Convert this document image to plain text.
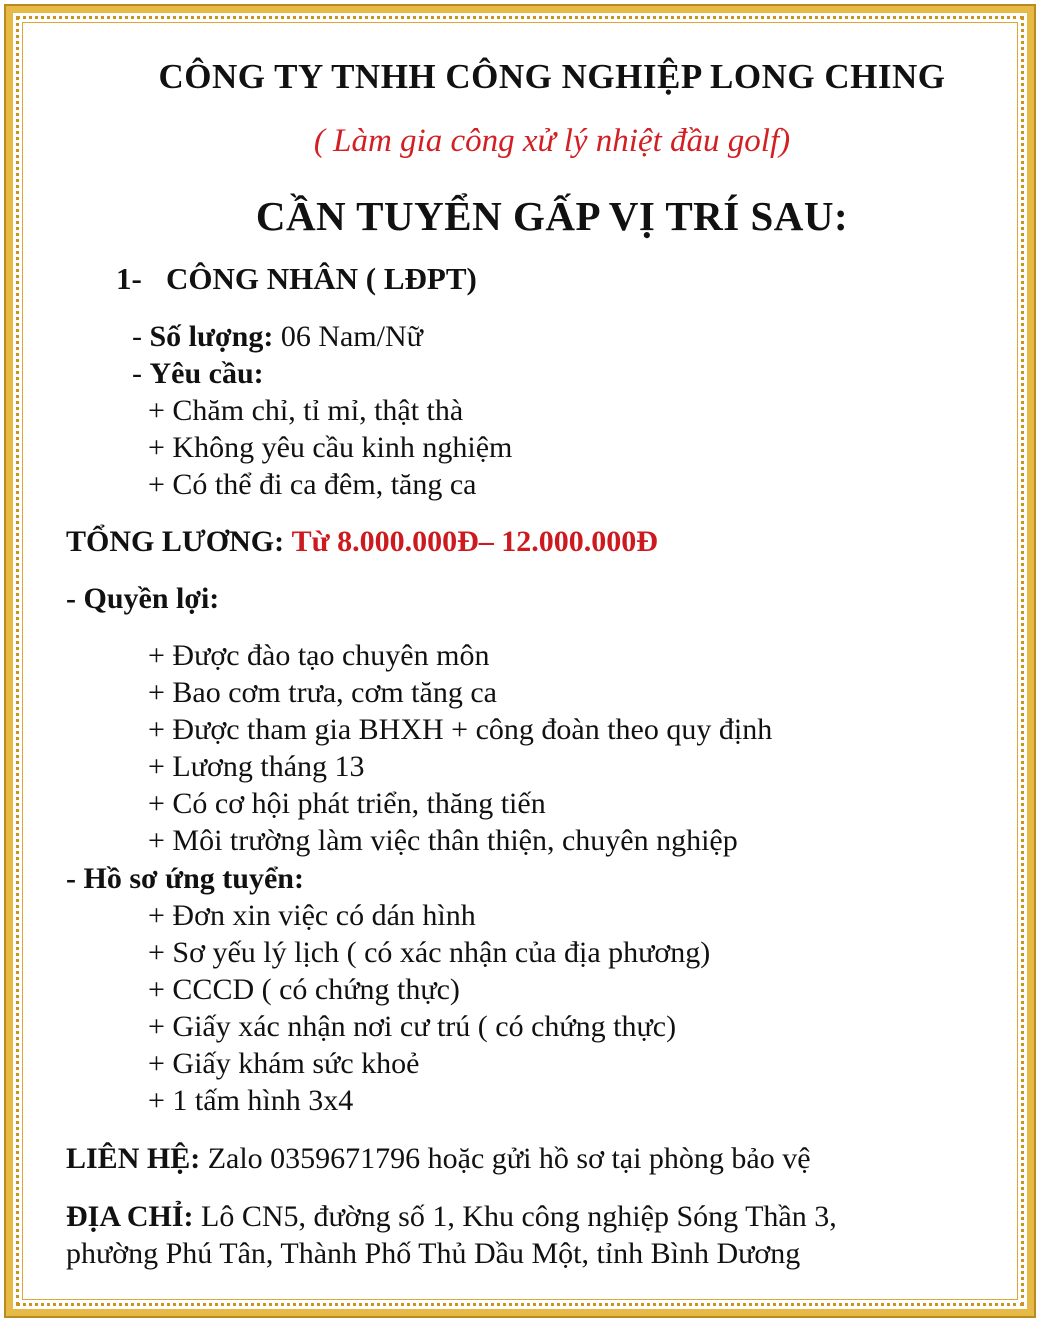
CÔNG TY TNHH CÔNG NGHIỆP LONG CHING
( Làm gia công xử lý nhiệt đầu golf)
CẦN TUYỂN GẤP VỊ TRÍ SAU:
1- CÔNG NHÂN ( LĐPT)
- Số lượng: 06 Nam/Nữ
- Yêu cầu:
+ Chăm chỉ, tỉ mỉ, thật thà
+ Không yêu cầu kinh nghiệm
+ Có thể đi ca đêm, tăng ca
TỔNG LƯƠNG: Từ 8.000.000Đ– 12.000.000Đ
- Quyền lợi:
+ Được đào tạo chuyên môn
+ Bao cơm trưa, cơm tăng ca
+ Được tham gia BHXH + công đoàn theo quy định
+ Lương tháng 13
+ Có cơ hội phát triển, thăng tiến
+ Môi trường làm việc thân thiện, chuyên nghiệp
- Hồ sơ ứng tuyển:
+ Đơn xin việc có dán hình
+ Sơ yếu lý lịch ( có xác nhận của địa phương)
+ CCCD ( có chứng thực)
+ Giấy xác nhận nơi cư trú ( có chứng thực)
+ Giấy khám sức khoẻ
+ 1 tấm hình 3x4
LIÊN HỆ: Zalo 0359671796 hoặc gửi hồ sơ tại phòng bảo vệ
ĐỊA CHỈ: Lô CN5, đường số 1, Khu công nghiệp Sóng Thần 3,
phường Phú Tân, Thành Phố Thủ Dầu Một, tỉnh Bình Dương
